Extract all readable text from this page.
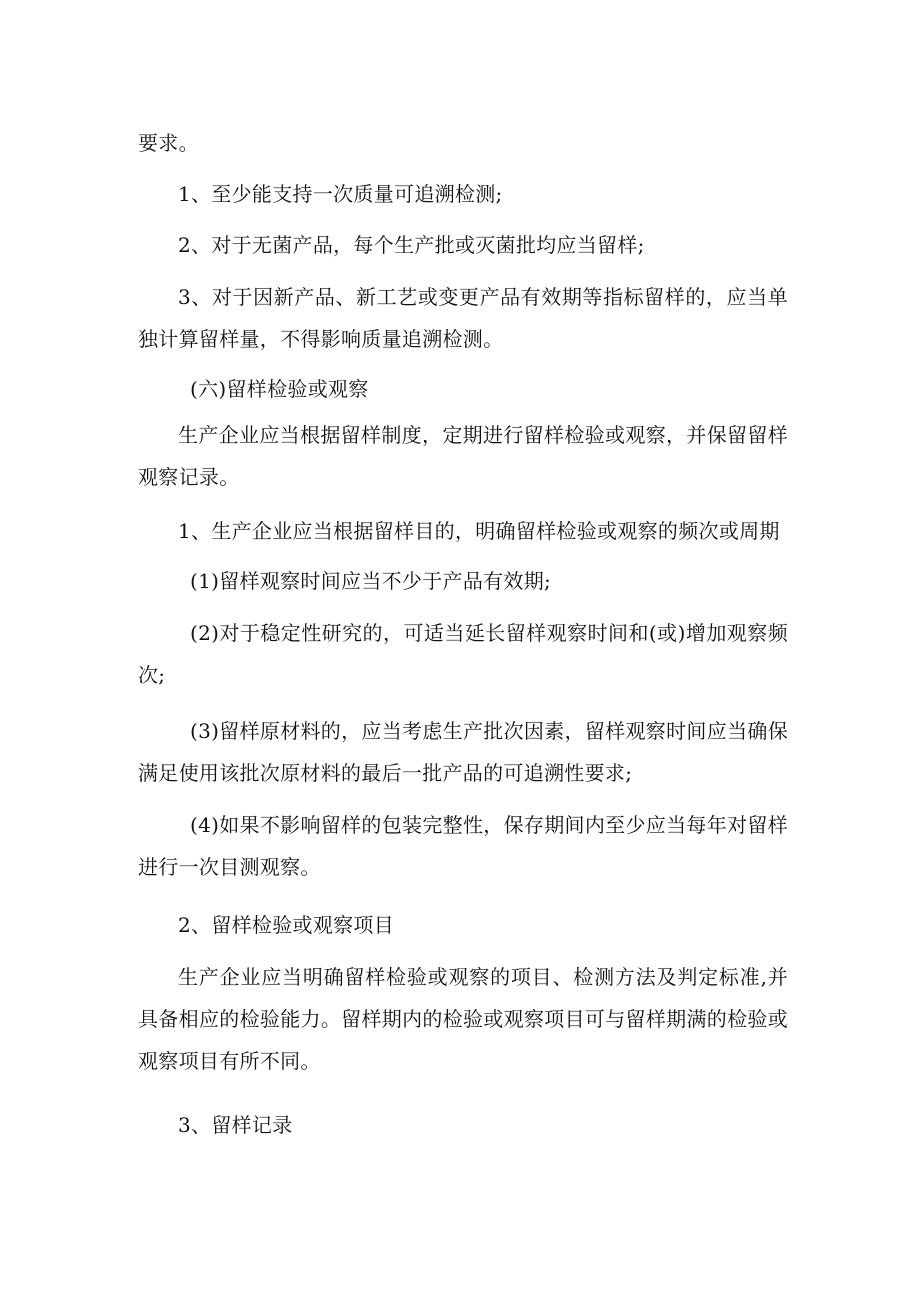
要求。

1、至少能支持一次质量可追溯检测;

2、对于无菌产品，每个生产批或灭菌批均应当留样;

3、对于因新产品、新工艺或变更产品有效期等指标留样的，应当单独计算留样量，不得影响质量追溯检测。

(六)留样检验或观察

生产企业应当根据留样制度，定期进行留样检验或观察，并保留留样观察记录。

1、生产企业应当根据留样目的，明确留样检验或观察的频次或周期

(1)留样观察时间应当不少于产品有效期;

(2)对于稳定性研究的，可适当延长留样观察时间和(或)增加观察频次;

(3)留样原材料的，应当考虑生产批次因素，留样观察时间应当确保满足使用该批次原材料的最后一批产品的可追溯性要求;

(4)如果不影响留样的包装完整性，保存期间内至少应当每年对留样进行一次目测观察。

2、留样检验或观察项目

生产企业应当明确留样检验或观察的项目、检测方法及判定标准,并具备相应的检验能力。留样期内的检验或观察项目可与留样期满的检验或观察项目有所不同。

3、留样记录
